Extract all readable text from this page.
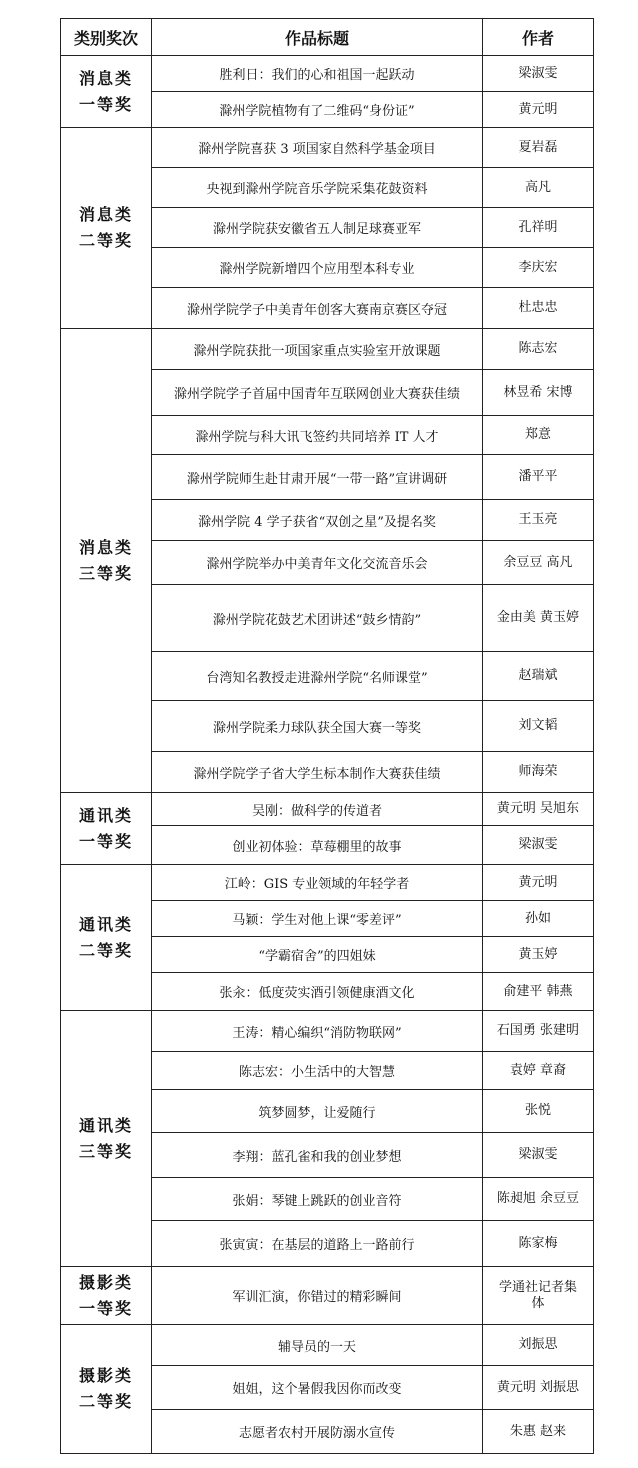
类别奖次	作品标题	作者

消息类
一等奖	胜利日：我们的心和祖国一起跃动	梁淑雯
	滁州学院植物有了二维码“身份证”	黄元明

消息类
二等奖	滁州学院喜获 3 项国家自然科学基金项目	夏岩磊
	央视到滁州学院音乐学院采集花鼓资料	高凡
	滁州学院获安徽省五人制足球赛亚军	孔祥明
	滁州学院新增四个应用型本科专业	李庆宏
	滁州学院学子中美青年创客大赛南京赛区夺冠	杜忠忠

消息类
三等奖	滁州学院获批一项国家重点实验室开放课题	陈志宏
	滁州学院学子首届中国青年互联网创业大赛获佳绩	林昱希 宋博
	滁州学院与科大讯飞签约共同培养 IT 人才	郑意
	滁州学院师生赴甘肃开展“一带一路”宣讲调研	潘平平
	滁州学院 4 学子获省“双创之星”及提名奖	王玉亮
	滁州学院举办中美青年文化交流音乐会	余豆豆 高凡
	滁州学院花鼓艺术团讲述“鼓乡情韵”	金由美 黄玉婷
	台湾知名教授走进滁州学院“名师课堂”	赵瑞斌
	滁州学院柔力球队获全国大赛一等奖	刘文韬
	滁州学院学子省大学生标本制作大赛获佳绩	师海荣

通讯类
一等奖	吴刚：做科学的传道者	黄元明 吴旭东
	创业初体验：草莓棚里的故事	梁淑雯

通讯类
二等奖	江岭：GIS 专业领域的年轻学者	黄元明
	马颖：学生对他上课“零差评”	孙如
	“学霸宿舍”的四姐妹	黄玉婷
	张汆：低度荧实酒引领健康酒文化	俞建平 韩燕

通讯类
三等奖	王涛：精心编织“消防物联网”	石国勇 张建明
	陈志宏：小生活中的大智慧	袁婷 章裔
	筑梦圆梦，让爱随行	张悦
	李翔：蓝孔雀和我的创业梦想	梁淑雯
	张娟：琴键上跳跃的创业音符	陈昶旭 余豆豆
	张寅寅：在基层的道路上一路前行	陈家梅

摄影类
一等奖	军训汇演，你错过的精彩瞬间	学通社记者集
体

摄影类
二等奖	辅导员的一天	刘振思
	姐姐，这个暑假我因你而改变	黄元明 刘振思
	志愿者农村开展防溺水宣传	朱惠 赵来
